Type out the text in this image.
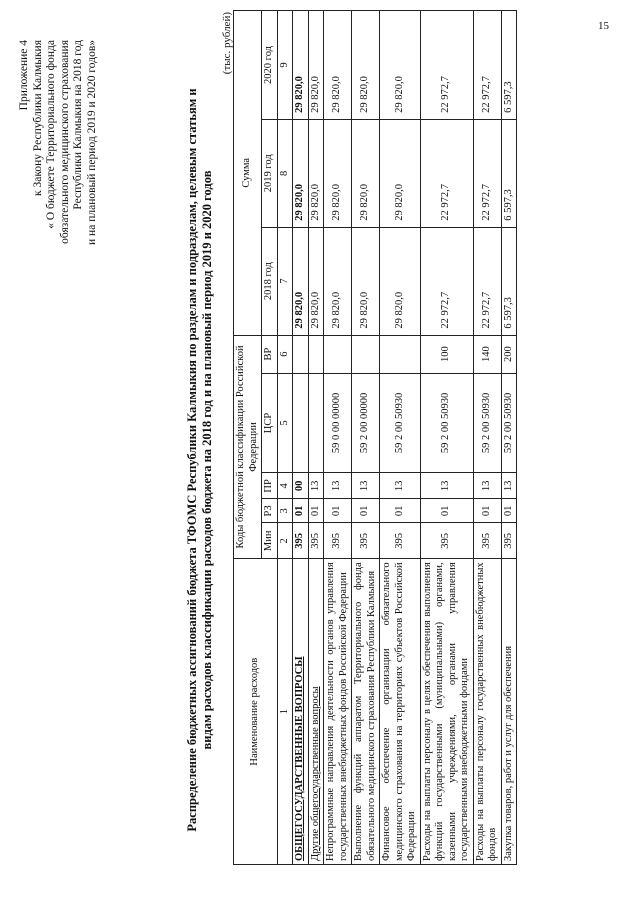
15
Приложение 4 к Закону Республики Калмыкия « О бюджете Территориального фонда обязательного медицинского страхования Республики Калмыкия на 2018 год и на плановый период 2019 и 2020 годов»	Распределение бюджетных ассигнований бюджета ТФОМС Республики Калмыкия по разделам и подразделам, целевым статьям и видам расходов классификации расходов бюджета на 2018 год и на плановый период 2019 и 2020 годов
(тыс. рублей)
Наименование расходов	Коды бюджетной классификации Российской Федерации					Сумма		
	Мин	РЗ	ПР	ЦСР	ВР	2018 год	2019 год	2020 год
1	2	3	4	5	6	7	8	9
ОБЩЕГОСУДАРСТВЕННЫЕ ВОПРОСЫ	395	01	00			29 820,0	29 820,0	29 820,0
Другие общегосударственные вопросы	395	01	13			29 820,0	29 820,0	29 820,0
Непрограммные направления деятельности органов управления государственных внебюджетных фондов Российской Федерации	395	01	13	59 0 00 00000		29 820,0	29 820,0	29 820,0
Выполнение функций аппаратом Территориального фонда обязательного медицинского страхования Республики Калмыкия	395	01	13	59 2 00 00000		29 820,0	29 820,0	29 820,0
Финансовое обеспечение организации обязательного медицинского страхования на территориях субъектов Российской Федерации	395	01	13	59 2 00 50930		29 820,0	29 820,0	29 820,0
Расходы на выплаты персоналу в целях обеспечения выполнения функций государственными (муниципальными) органами, казенными учреждениями, органами управления государственными внебюджетными фондами	395	01	13	59 2 00 50930	100	22 972,7	22 972,7	22 972,7
Расходы на выплаты персоналу государственных внебюджетных фондов	395	01	13	59 2 00 50930	140	22 972,7	22 972,7	22 972,7
Закупка товаров, работ и услуг для обеспечения	395	01	13	59 2 00 50930	200	6 597,3	6 597,3	6 597,3
